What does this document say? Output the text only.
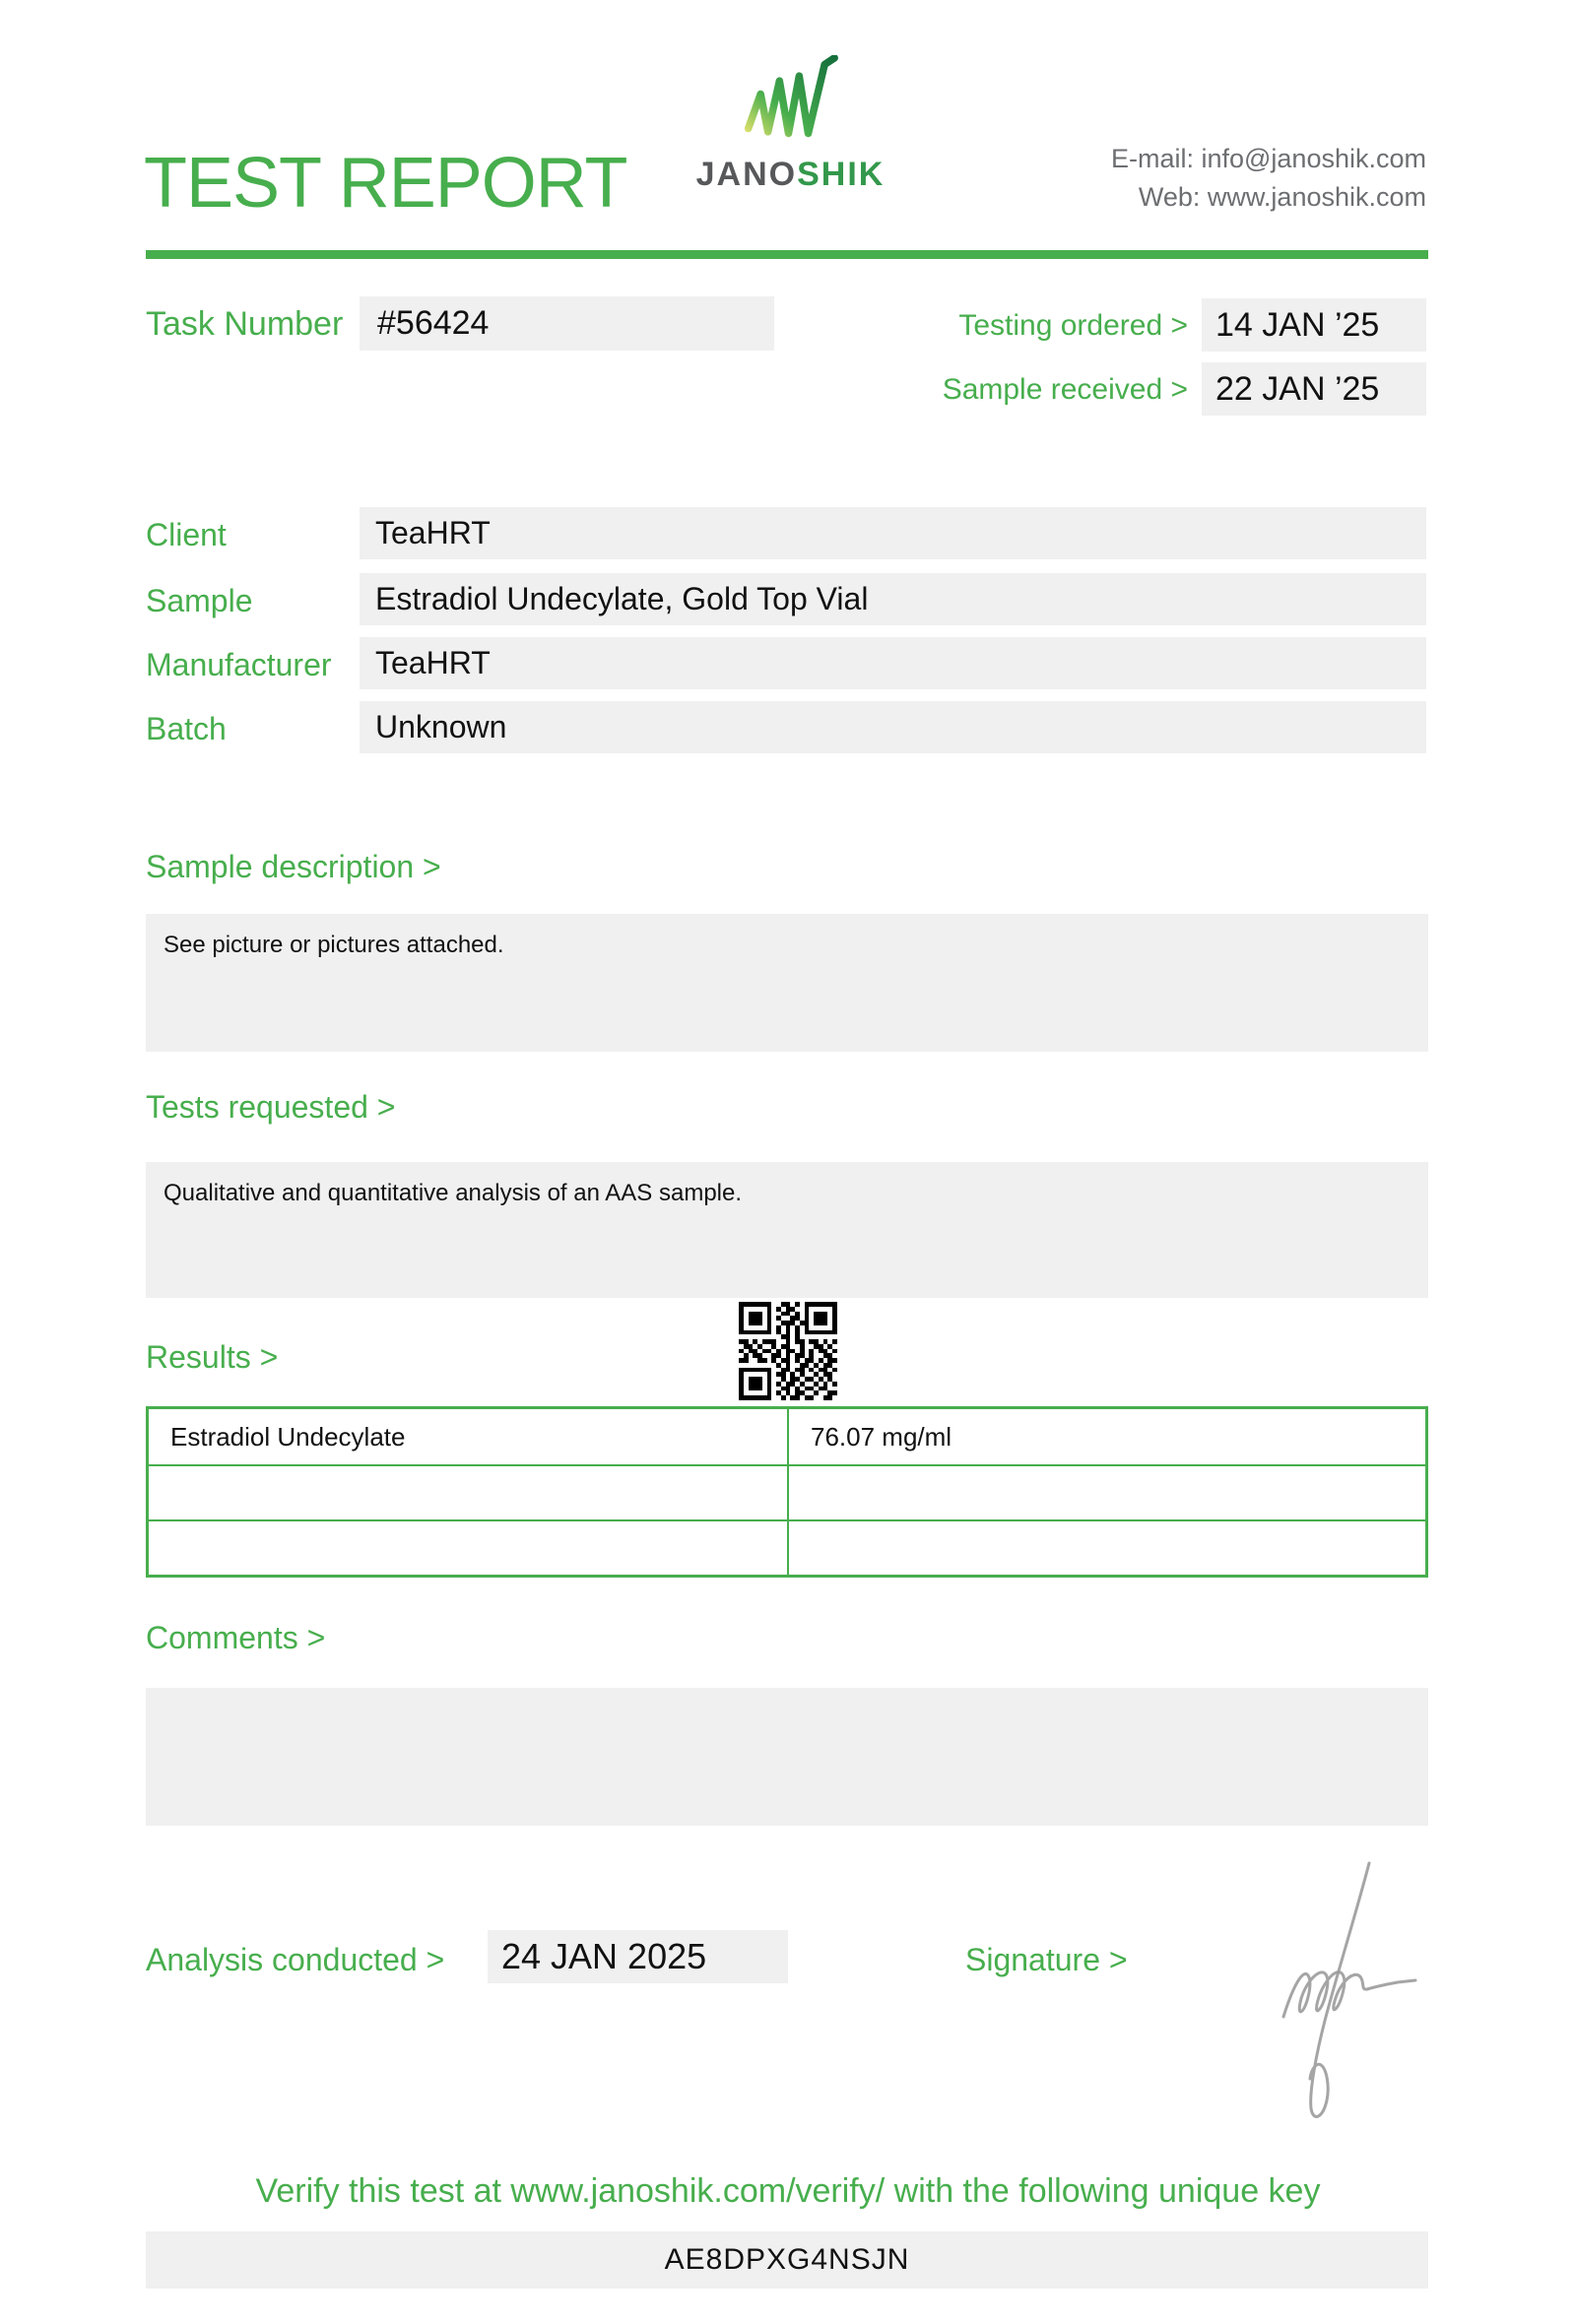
TEST REPORT	JANOSHIK	E-mail: info@janoshik.com
Web: www.janoshik.com
Task Number	#56424	Testing ordered > 14 JAN ’25
Sample received > 22 JAN ’25
Client	TeaHRT
Sample	Estradiol Undecylate, Gold Top Vial
Manufacturer	TeaHRT
Batch	Unknown
Sample description >
See picture or pictures attached.
Tests requested >
Qualitative and quantitative analysis of an AAS sample.
Results >
Estradiol Undecylate	76.07 mg/ml
Comments >
Analysis conducted >	24 JAN 2025	Signature >
Verify this test at www.janoshik.com/verify/ with the following unique key
AE8DPXG4NSJN
